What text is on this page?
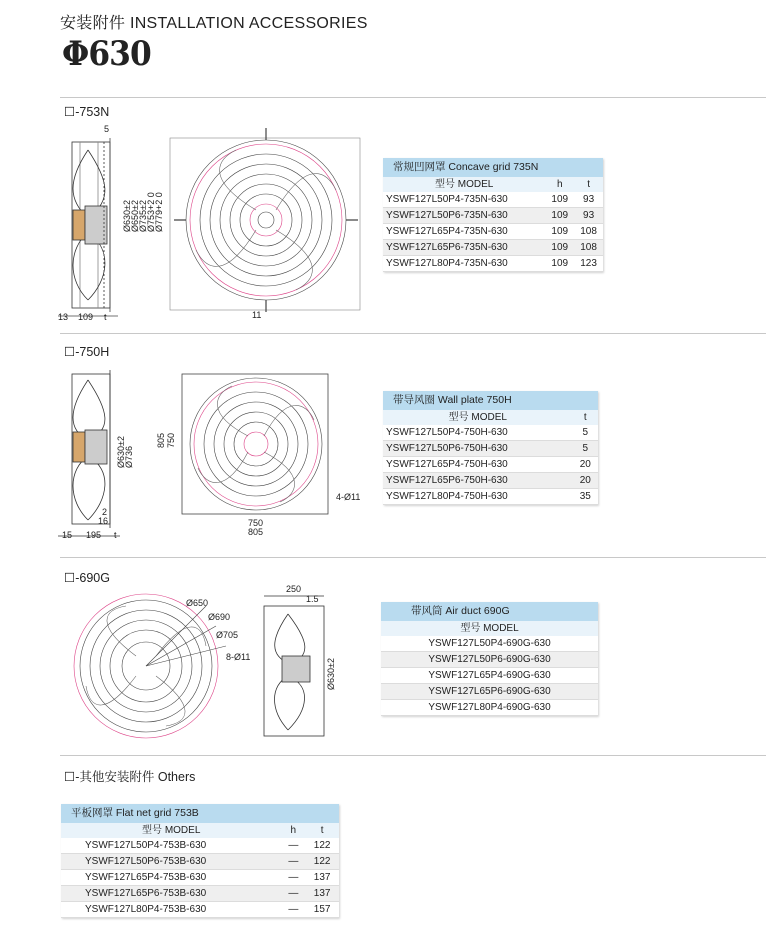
安装附件 INSTALLATION ACCESSORIES
Φ630
☐-753N
5
Ø630±2
Ø650±2
Ø735±2
Ø753+2 0
Ø779+2 0
13 109 t	11
常规凹网罩 Concave grid 735N		
型号 MODEL	h	t
YSWF127L50P4-735N-630	109	93
YSWF127L50P6-735N-630	109	93
YSWF127L65P4-735N-630	109	108
YSWF127L65P6-735N-630	109	108
YSWF127L80P4-735N-630	109	123
☐-750H
Ø630±2
Ø736
2
16
15 195 t
805 750
750
805
4-Ø11
带导风圈 Wall plate 750H	
型号 MODEL	t
YSWF127L50P4-750H-630	5
YSWF127L50P6-750H-630	5
YSWF127L65P4-750H-630	20
YSWF127L65P6-750H-630	20
YSWF127L80P4-750H-630	35
☐-690G
Ø650
Ø690
Ø705
8-Ø11
250
1.5
Ø630±2
带风筒 Air duct 690G
型号 MODEL
YSWF127L50P4-690G-630
YSWF127L50P6-690G-630
YSWF127L65P4-690G-630
YSWF127L65P6-690G-630
YSWF127L80P4-690G-630
☐-其他安装附件 Others
平板网罩 Flat net grid 753B		
型号 MODEL	h	t
YSWF127L50P4-753B-630	—	122
YSWF127L50P6-753B-630	—	122
YSWF127L65P4-753B-630	—	137
YSWF127L65P6-753B-630	—	137
YSWF127L80P4-753B-630	—	157
